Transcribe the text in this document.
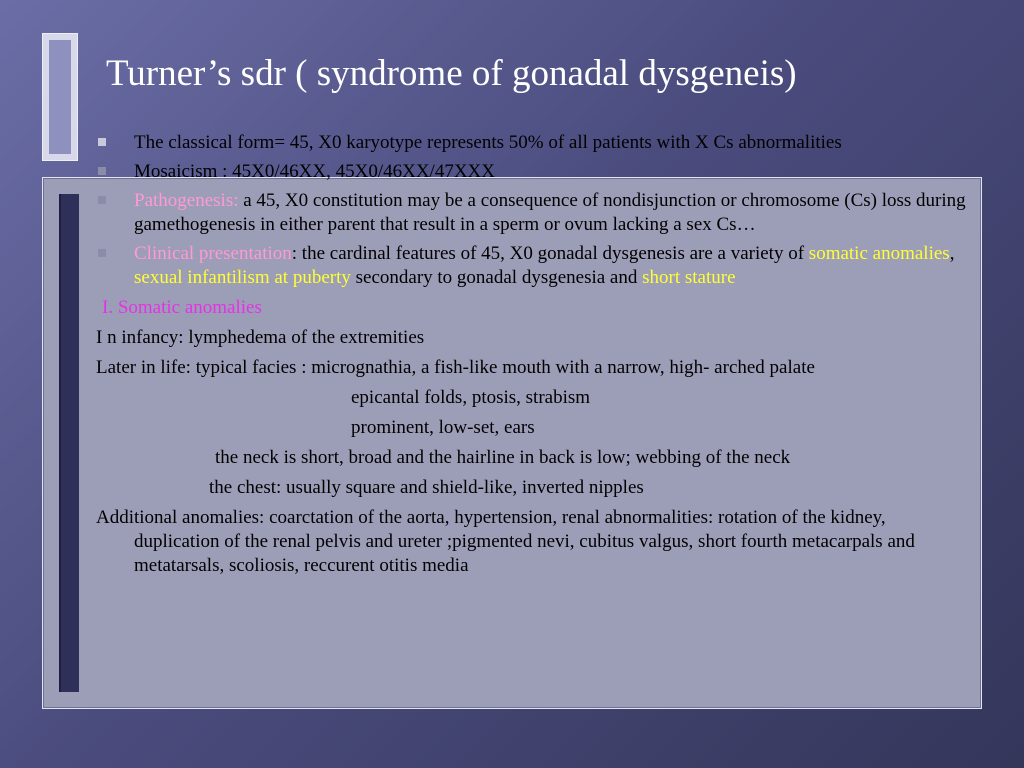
Turner’s sdr ( syndrome of gonadal dysgeneis)
The classical form= 45, X0 karyotype represents 50% of all patients with X Cs abnormalities
Mosaicism : 45X0/46XX, 45X0/46XX/47XXX
Pathogenesis: a 45, X0 constitution may be a consequence of nondisjunction or chromosome (Cs) loss during gamethogenesis in either parent that result in a sperm or ovum lacking a sex Cs…
Clinical presentation: the cardinal features of 45, X0 gonadal dysgenesis are a variety of somatic anomalies, sexual infantilism at puberty secondary to gonadal dysgenesia and short stature
I. Somatic anomalies
I n infancy: lymphedema of the extremities
Later in life: typical facies : micrognathia, a fish-like mouth with a narrow, high- arched palate
epicantal folds, ptosis, strabism
prominent, low-set, ears
the neck is short, broad and the hairline in back is low; webbing of the neck
the chest: usually square and shield-like, inverted nipples
Additional anomalies: coarctation of the aorta, hypertension, renal abnormalities: rotation of the kidney, duplication of the renal pelvis and ureter ;pigmented nevi, cubitus valgus, short fourth metacarpals and metatarsals, scoliosis, reccurent otitis media
